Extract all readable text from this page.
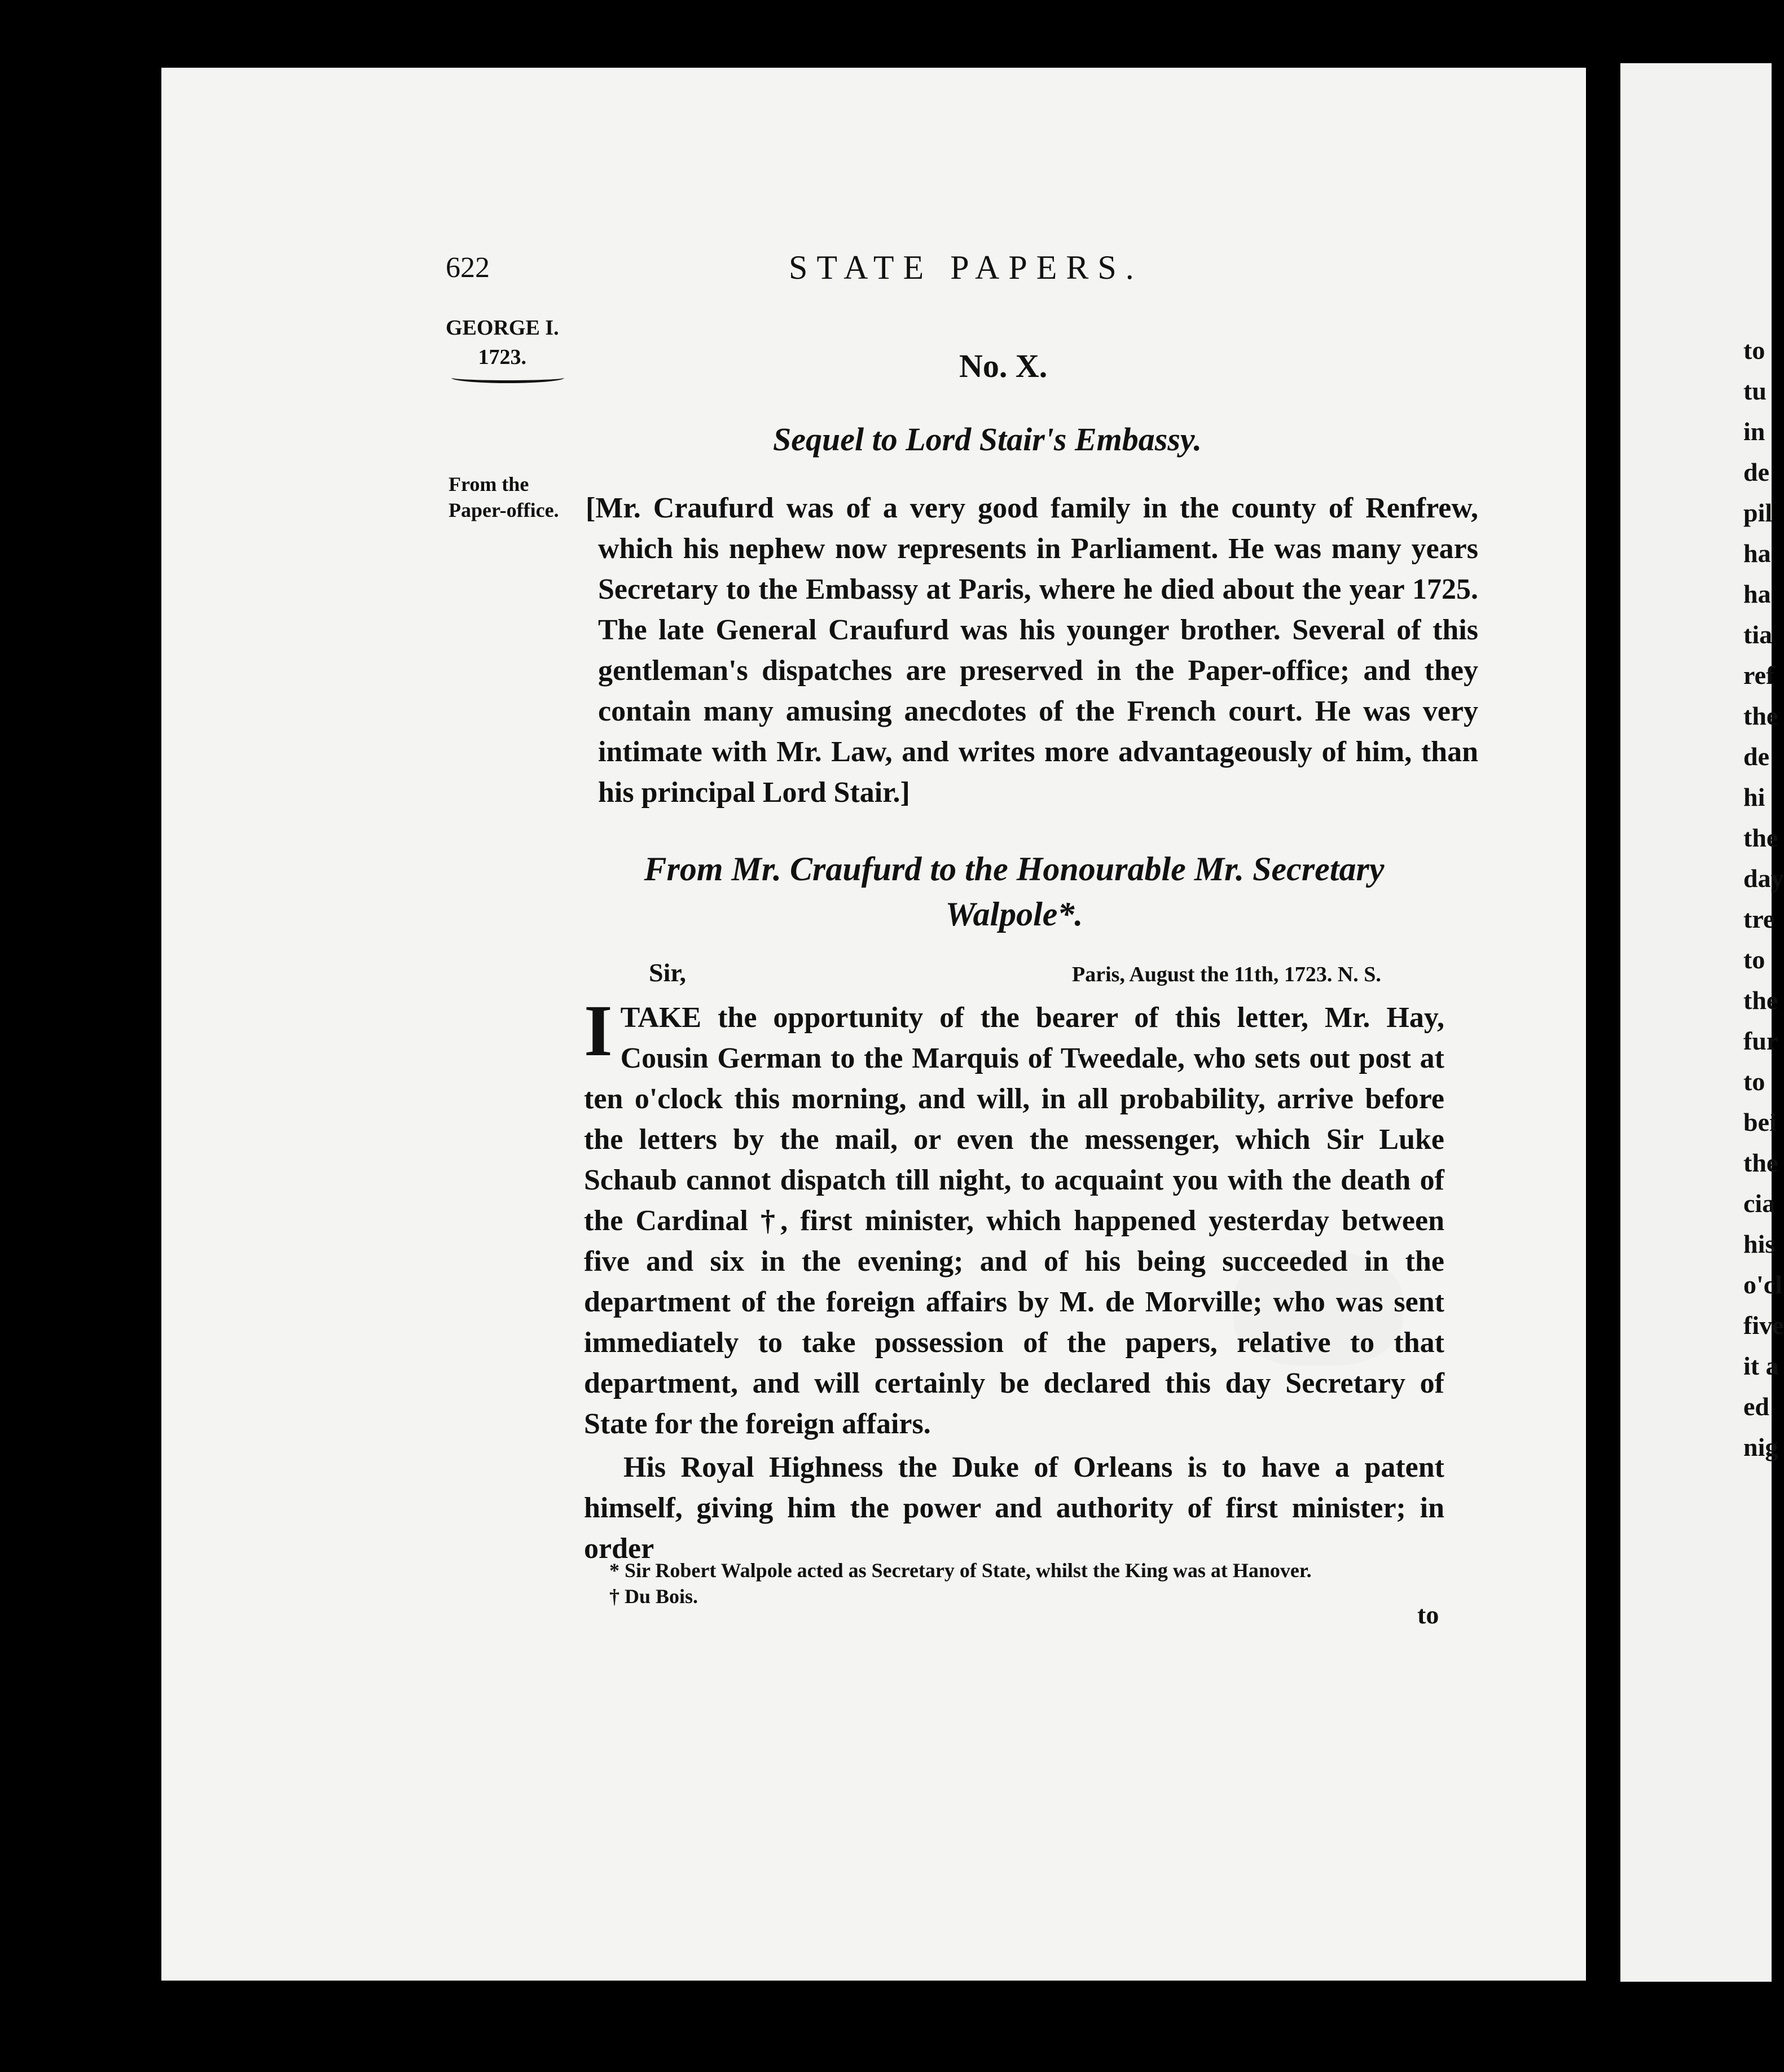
622	STATE PAPERS.
GEORGE I.
1723.
From the Paper-office.
No. X.
Sequel to Lord Stair's Embassy.
[Mr. Craufurd was of a very good family in the county of Renfrew, which his nephew now represents in Parliament. He was many years Secretary to the Embassy at Paris, where he died about the year 1725. The late General Craufurd was his younger brother. Several of this gentleman's dispatches are preserved in the Paper-office; and they contain many amusing anecdotes of the French court. He was very intimate with Mr. Law, and writes more advantageously of him, than his principal Lord Stair.]
From Mr. Craufurd to the Honourable Mr. Secretary Walpole*.
Sir,	Paris, August the 11th, 1723. N. S.
I TAKE the opportunity of the bearer of this letter, Mr. Hay, Cousin German to the Marquis of Tweedale, who sets out post at ten o'clock this morning, and will, in all probability, arrive before the letters by the mail, or even the messenger, which Sir Luke Schaub cannot dispatch till night, to acquaint you with the death of the Cardinal †, first minister, which happened yesterday between five and six in the evening; and of his being succeeded in the department of the foreign affairs by M. de Morville; who was sent immediately to take possession of the papers, relative to that department, and will certainly be declared this day Secretary of State for the foreign affairs.
His Royal Highness the Duke of Orleans is to have a patent himself, giving him the power and authority of first minister; in order
* Sir Robert Walpole acted as Secretary of State, whilst the King was at Hanover.
† Du Bois.
to
to
tu
in
de
pil
ha
ha
tia
ref
the
de
hi
the
day
tre
to
the
fur
to
bei
the
cia
his
o'cl
five
it a
ed
nig
